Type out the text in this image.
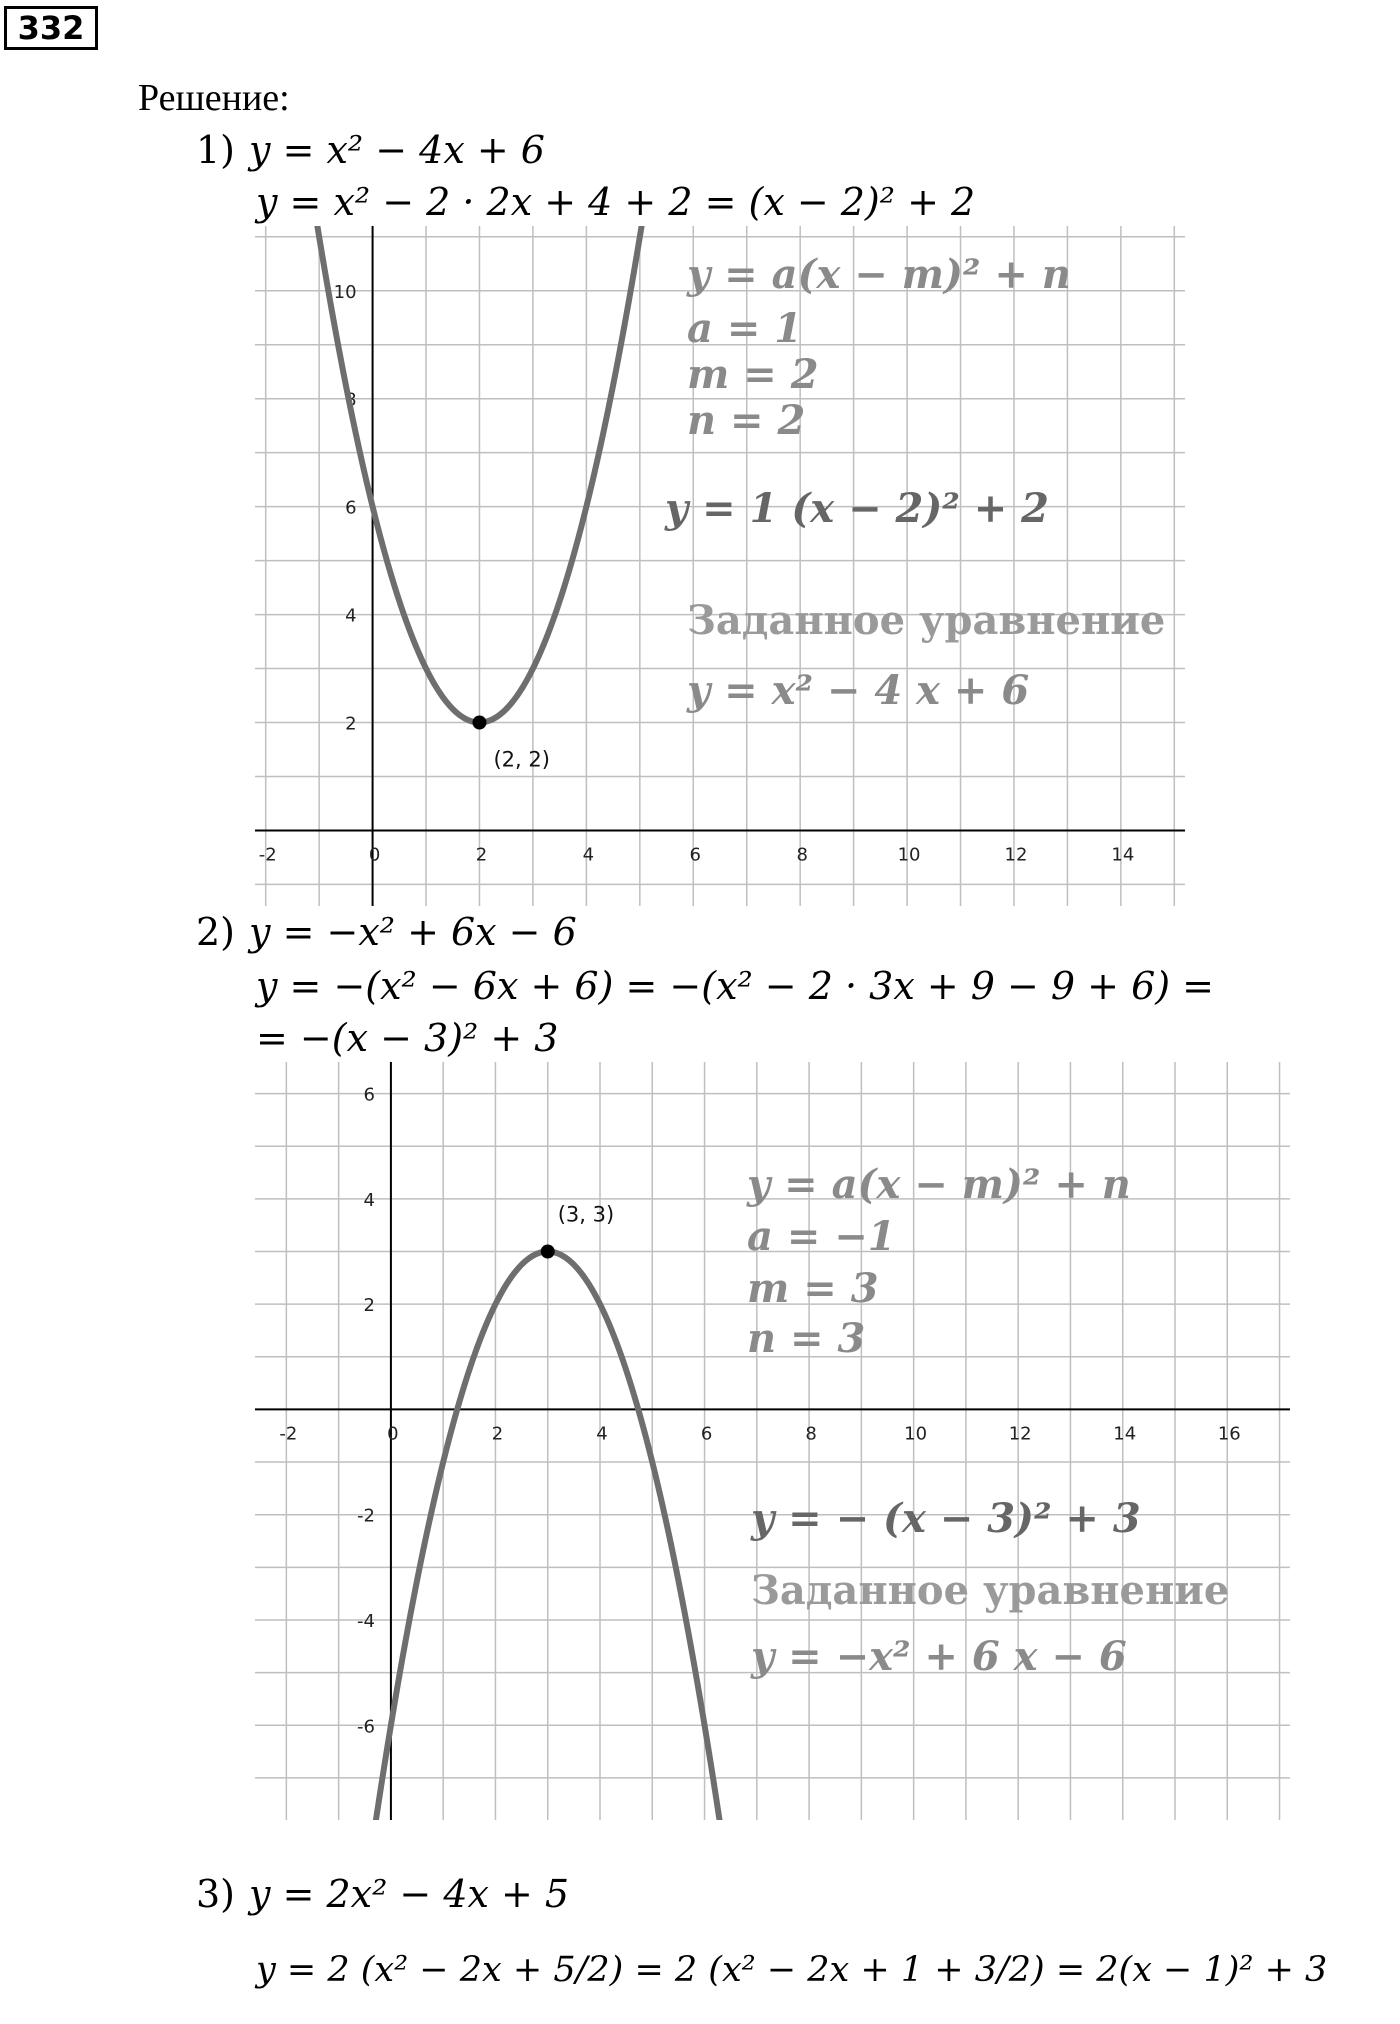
332
Решение:
1) y = x² − 4x + 6
y = x² − 2 · 2x + 4 + 2 = (x − 2)² + 2
-2	0	2	4	6	8	10	12	14
2
4
6
8
10
(2, 2)
y = a(x − m)² + n
a = 1
m = 2
n = 2
y = 1 (x − 2)² + 2
Заданное уравнение
y = x² − 4 x + 6
2) y = −x² + 6x − 6
y = −(x² − 6x + 6) = −(x² − 2 · 3x + 9 − 9 + 6) =
= −(x − 3)² + 3
-2	0	2	4	6	8	10	12	14	16
-6
-4
-2
2
4
6
(3, 3)
y = a(x − m)² + n
a = −1
m = 3
n = 3
y = − (x − 3)² + 3
Заданное уравнение
y = −x² + 6 x − 6
3) y = 2x² − 4x + 5
y = 2 (x² − 2x + 5/2) = 2 (x² − 2x + 1 + 3/2) = 2(x − 1)² + 3
